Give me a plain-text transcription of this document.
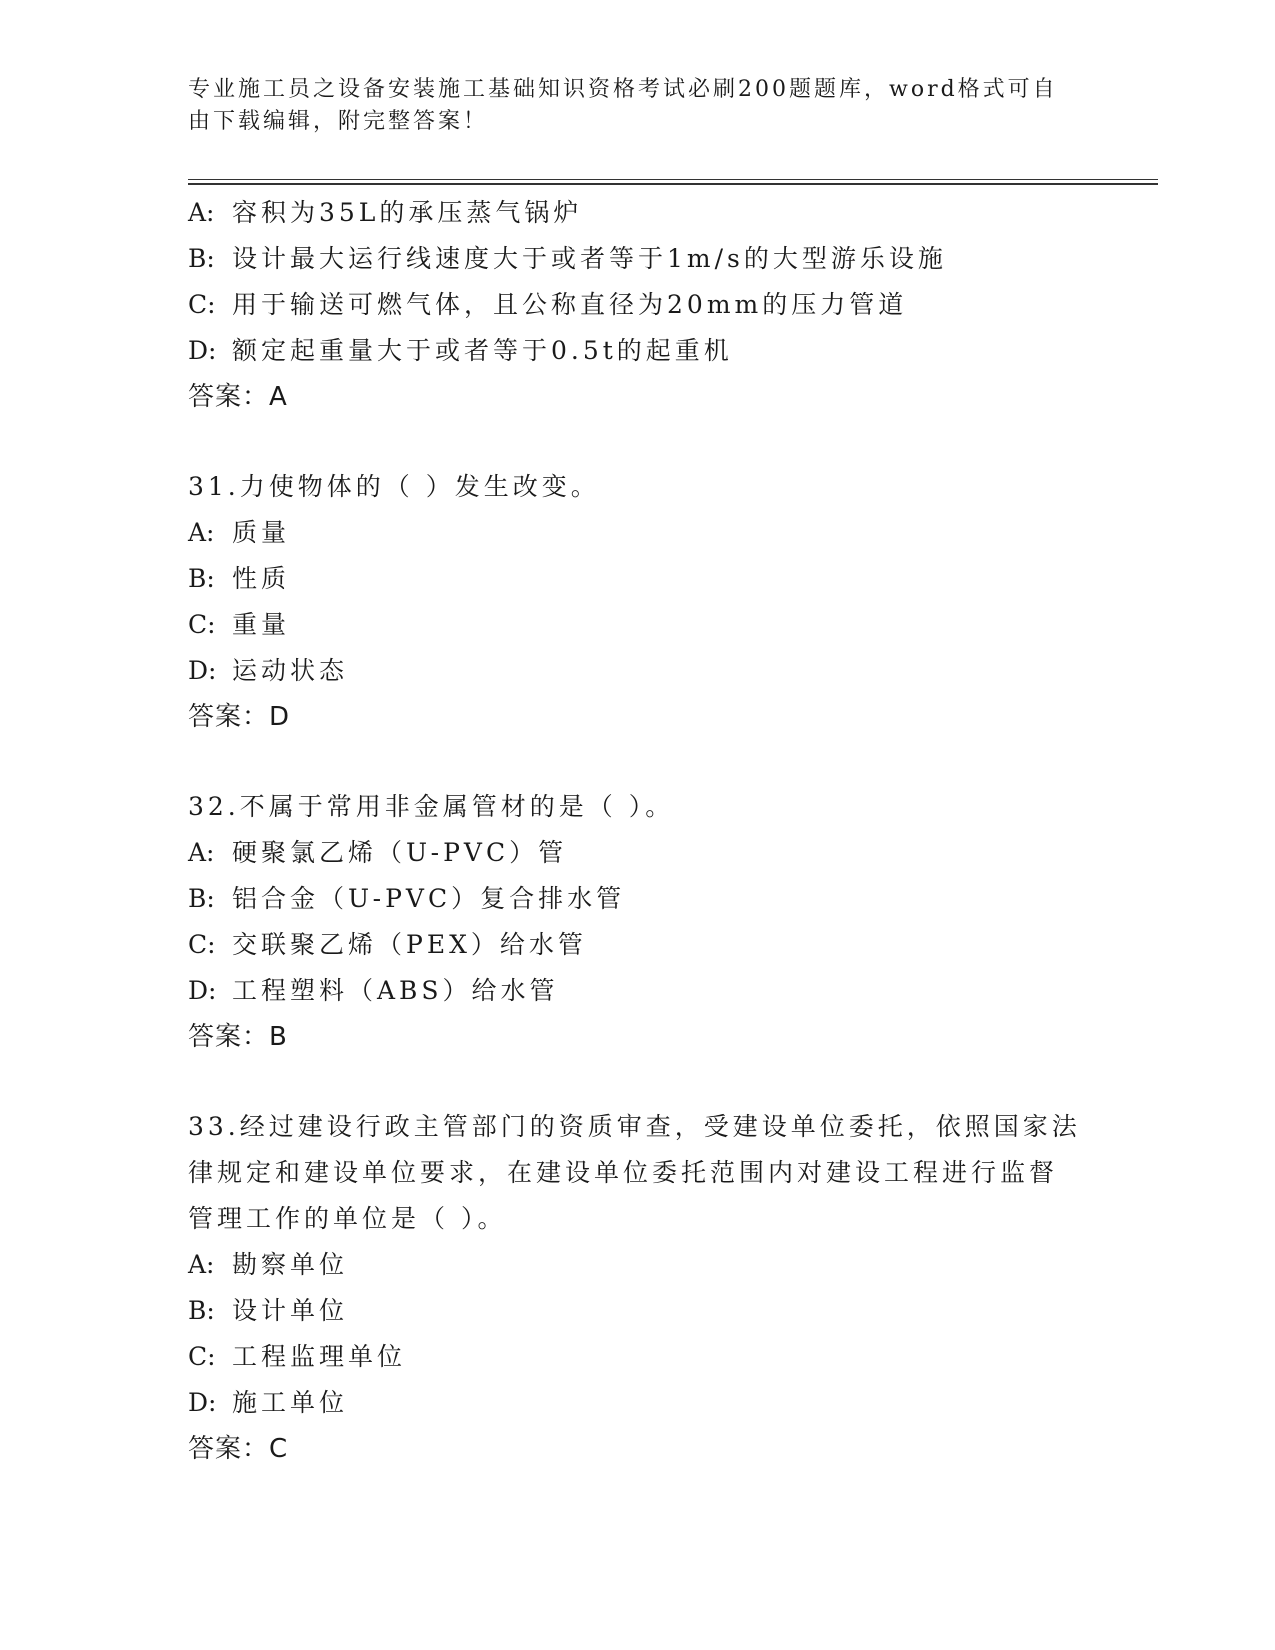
专业施工员之设备安装施工基础知识资格考试必刷200题题库，word格式可自由下载编辑，附完整答案！
A: 容积为35L的承压蒸气锅炉
B: 设计最大运行线速度大于或者等于1m/s的大型游乐设施
C: 用于输送可燃气体，且公称直径为20mm的压力管道
D: 额定起重量大于或者等于0.5t的起重机
答案：A
31.力使物体的（ ）发生改变。
A: 质量
B: 性质
C: 重量
D: 运动状态
答案：D
32.不属于常用非金属管材的是（ ）。
A: 硬聚氯乙烯（U-PVC）管
B: 铝合金（U-PVC）复合排水管
C: 交联聚乙烯（PEX）给水管
D: 工程塑料（ABS）给水管
答案：B
33.经过建设行政主管部门的资质审查，受建设单位委托，依照国家法
律规定和建设单位要求，在建设单位委托范围内对建设工程进行监督
管理工作的单位是（ ）。
A: 勘察单位
B: 设计单位
C: 工程监理单位
D: 施工单位
答案：C
